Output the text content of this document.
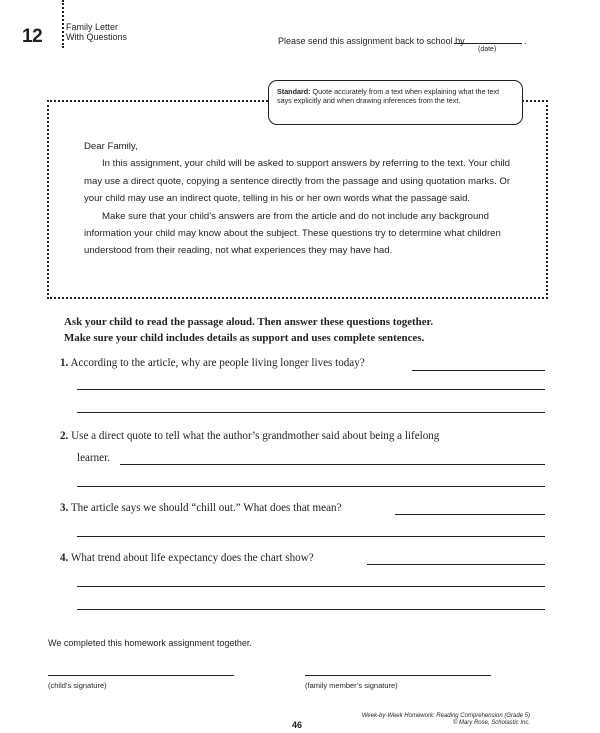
12	Family Letter
With Questions	Please send this assignment back to school by	.
(date)
Standard: Quote accurately from a text when explaining what the text says explicitly and when drawing inferences from the text.

Dear Family,

In this assignment, your child will be asked to support answers by referring to the text. Your child may use a direct quote, copying a sentence directly from the passage and using quotation marks. Or your child may use an indirect quote, telling in his or her own words what the passage said.

Make sure that your child’s answers are from the article and do not include any background information your child may know about the subject. These questions try to determine what children understood from their reading, not what experiences they may have had.

Ask your child to read the passage aloud. Then answer these questions together.
Make sure your child includes details as support and uses complete sentences.
1. According to the article, why are people living longer lives today?
2. Use a direct quote to tell what the author’s grandmother said about being a lifelong
learner.
3. The article says we should “chill out.” What does that mean?
4. What trend about life expectancy does the chart show?
We completed this homework assignment together.
(child’s signature)	(family member’s signature)
46
Week-by-Week Homework: Reading Comprehension (Grade 5)
© Mary Rose, Scholastic Inc.
